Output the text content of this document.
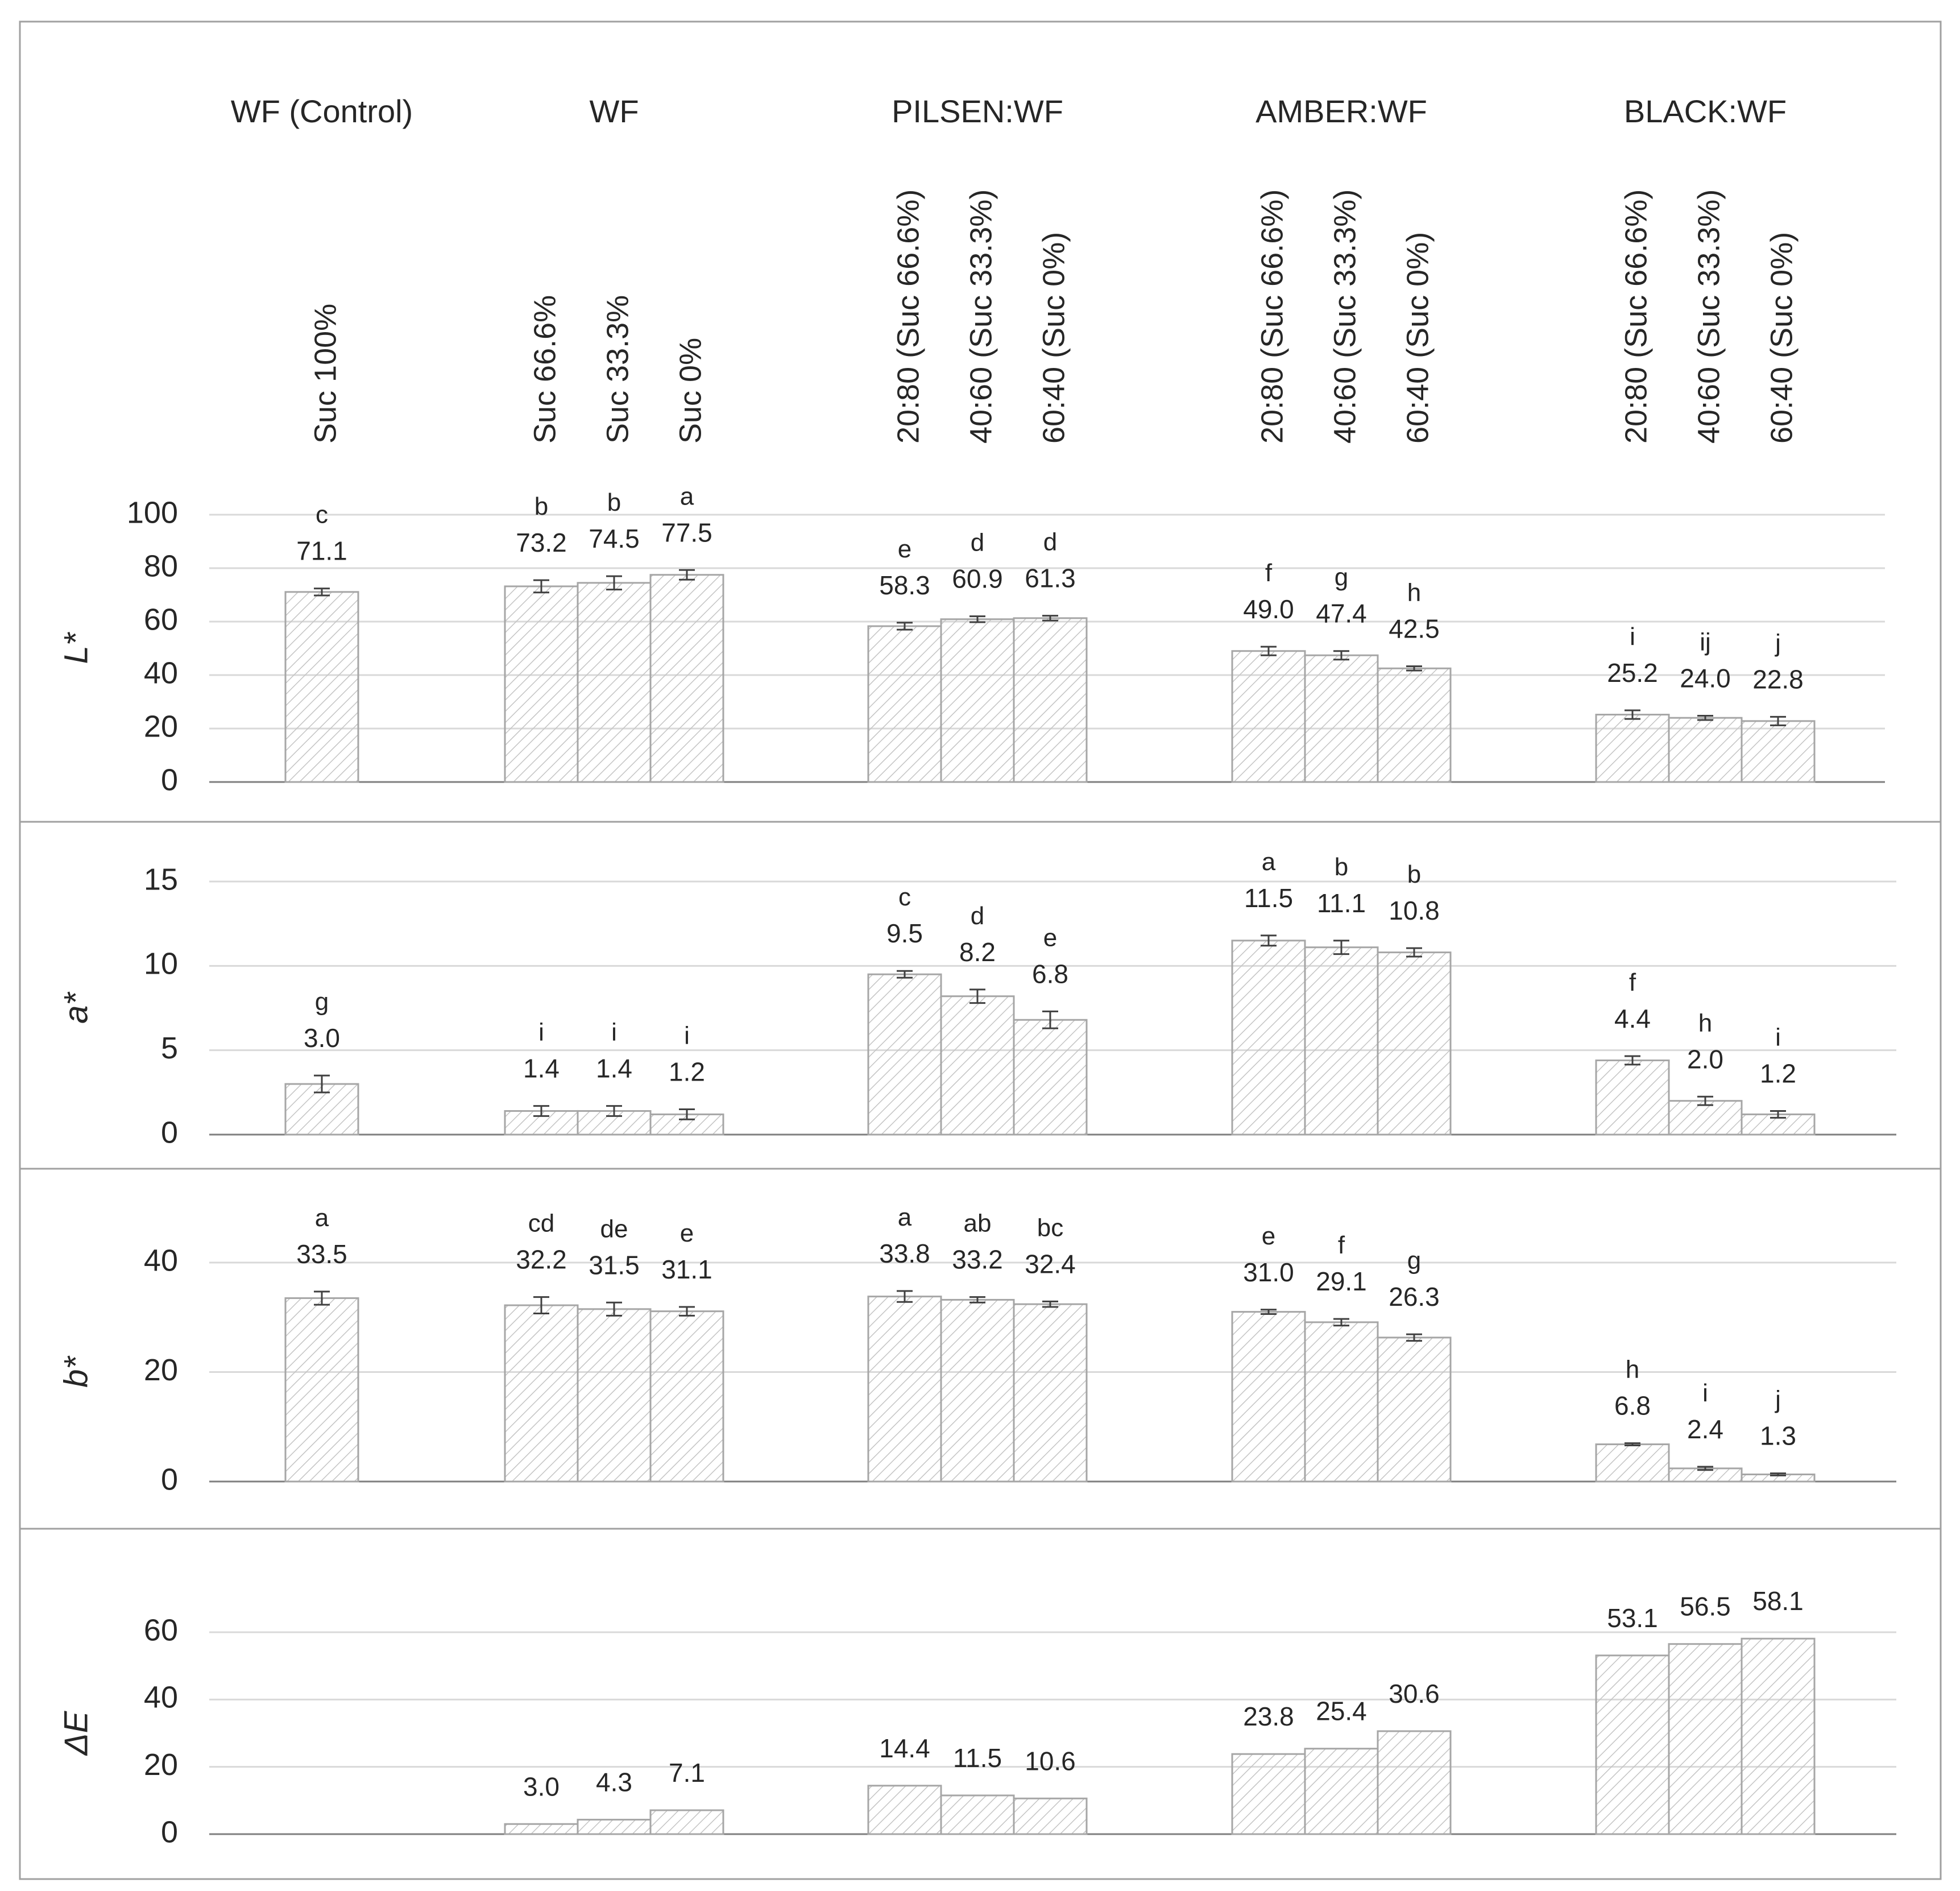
WF (Control)
Suc 100%
WF
Suc 66.6% Suc 33.3% Suc 0%
PILSEN:WF
20:80 (Suc 66.6%) 40:60 (Suc 33.3%) 60:40 (Suc 0%)
AMBER:WF
20:80 (Suc 66.6%) 40:60 (Suc 33.3%) 60:40 (Suc 0%)
BLACK:WF
20:80 (Suc 66.6%) 40:60 (Suc 33.3%) 60:40 (Suc 0%)
0
20
40
60
80
100
L*
71.1
c
73.2
b
74.5
b
77.5
a
58.3
e
60.9
d
61.3
d
49.0
f
47.4
g
42.5
h
25.2
i
24.0
ij
22.8
j
0
5
10
15
a*
3.0
g
1.4
i
1.4
i
1.2
i
9.5
c
8.2
d
6.8
e
11.5
a
11.1
b
10.8
b
4.4
f
2.0
h
1.2
i
0
20
40
b*
33.5
a
32.2
cd
31.5
de
31.1
e
33.8
a
33.2
ab
32.4
bc
31.0
e
29.1
f
26.3
g
6.8
h
2.4
i
1.3
j
0
20
40
60
ΔE
3.0 4.3 7.1
14.4 11.5 10.6
23.8 25.4
30.6
53.1 56.5 58.1
